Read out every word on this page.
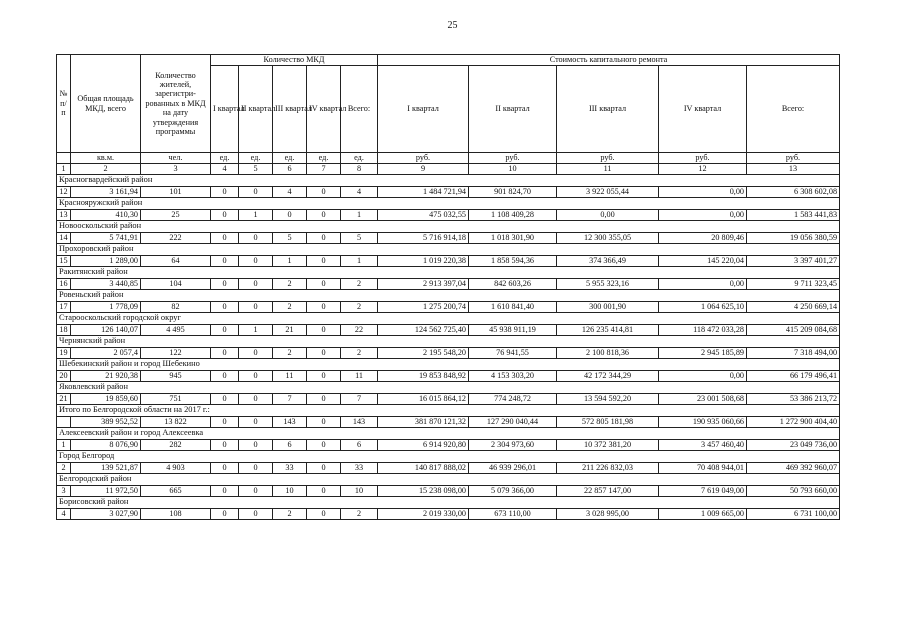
25
№ п/п	Общая площадь МКД, всего	Количество жителей, зарегистри-рованных в МКД на дату утверждения программы	Количество МКД					Стоимость капитального ремонта				
			I квартал	II квартал	III квартал	IV квартал	Всего:	I квартал	II квартал	III квартал	IV квартал	Всего:
	кв.м.	чел.	ед.	ед.	ед.	ед.	ед.	руб.	руб.	руб.	руб.	руб.
1	2	3	4	5	6	7	8	9	10	11	12	13
Красногвардейский район												
12	3 161,94	101	0	0	4	0	4	1 484 721,94	901 824,70	3 922 055,44	0,00	6 308 602,08
Краснояружский район												
13	410,30	25	0	1	0	0	1	475 032,55	1 108 409,28	0,00	0,00	1 583 441,83
Новооскольский район												
14	5 741,91	222	0	0	5	0	5	5 716 914,18	1 018 301,90	12 300 355,05	20 809,46	19 056 380,59
Прохоровский район												
15	1 289,00	64	0	0	1	0	1	1 019 220,38	1 858 594,36	374 366,49	145 220,04	3 397 401,27
Ракитянский район												
16	3 440,85	104	0	0	2	0	2	2 913 397,04	842 603,26	5 955 323,16	0,00	9 711 323,45
Ровеньский район												
17	1 778,09	82	0	0	2	0	2	1 275 200,74	1 610 841,40	300 001,90	1 064 625,10	4 250 669,14
Старооскольский городской округ												
18	126 140,07	4 495	0	1	21	0	22	124 562 725,40	45 938 911,19	126 235 414,81	118 472 033,28	415 209 084,68
Чернянский район												
19	2 057,4	122	0	0	2	0	2	2 195 548,20	76 941,55	2 100 818,36	2 945 185,89	7 318 494,00
Шебекинский район и город Шебекино												
20	21 920,38	945	0	0	11	0	11	19 853 848,92	4 153 303,20	42 172 344,29	0,00	66 179 496,41
Яковлевский район												
21	19 859,60	751	0	0	7	0	7	16 015 864,12	774 248,72	13 594 592,20	23 001 508,68	53 386 213,72
Итого по Белгородской области на 2017 г.:												
	389 952,52	13 822	0	0	143	0	143	381 870 121,32	127 290 040,44	572 805 181,98	190 935 060,66	1 272 900 404,40
Алексеевский район и город Алексеевка												
1	8 076,90	282	0	0	6	0	6	6 914 920,80	2 304 973,60	10 372 381,20	3 457 460,40	23 049 736,00
Город Белгород												
2	139 521,87	4 903	0	0	33	0	33	140 817 888,02	46 939 296,01	211 226 832,03	70 408 944,01	469 392 960,07
Белгородский район												
3	11 972,50	665	0	0	10	0	10	15 238 098,00	5 079 366,00	22 857 147,00	7 619 049,00	50 793 660,00
Борисовский район												
4	3 027,90	108	0	0	2	0	2	2 019 330,00	673 110,00	3 028 995,00	1 009 665,00	6 731 100,00
